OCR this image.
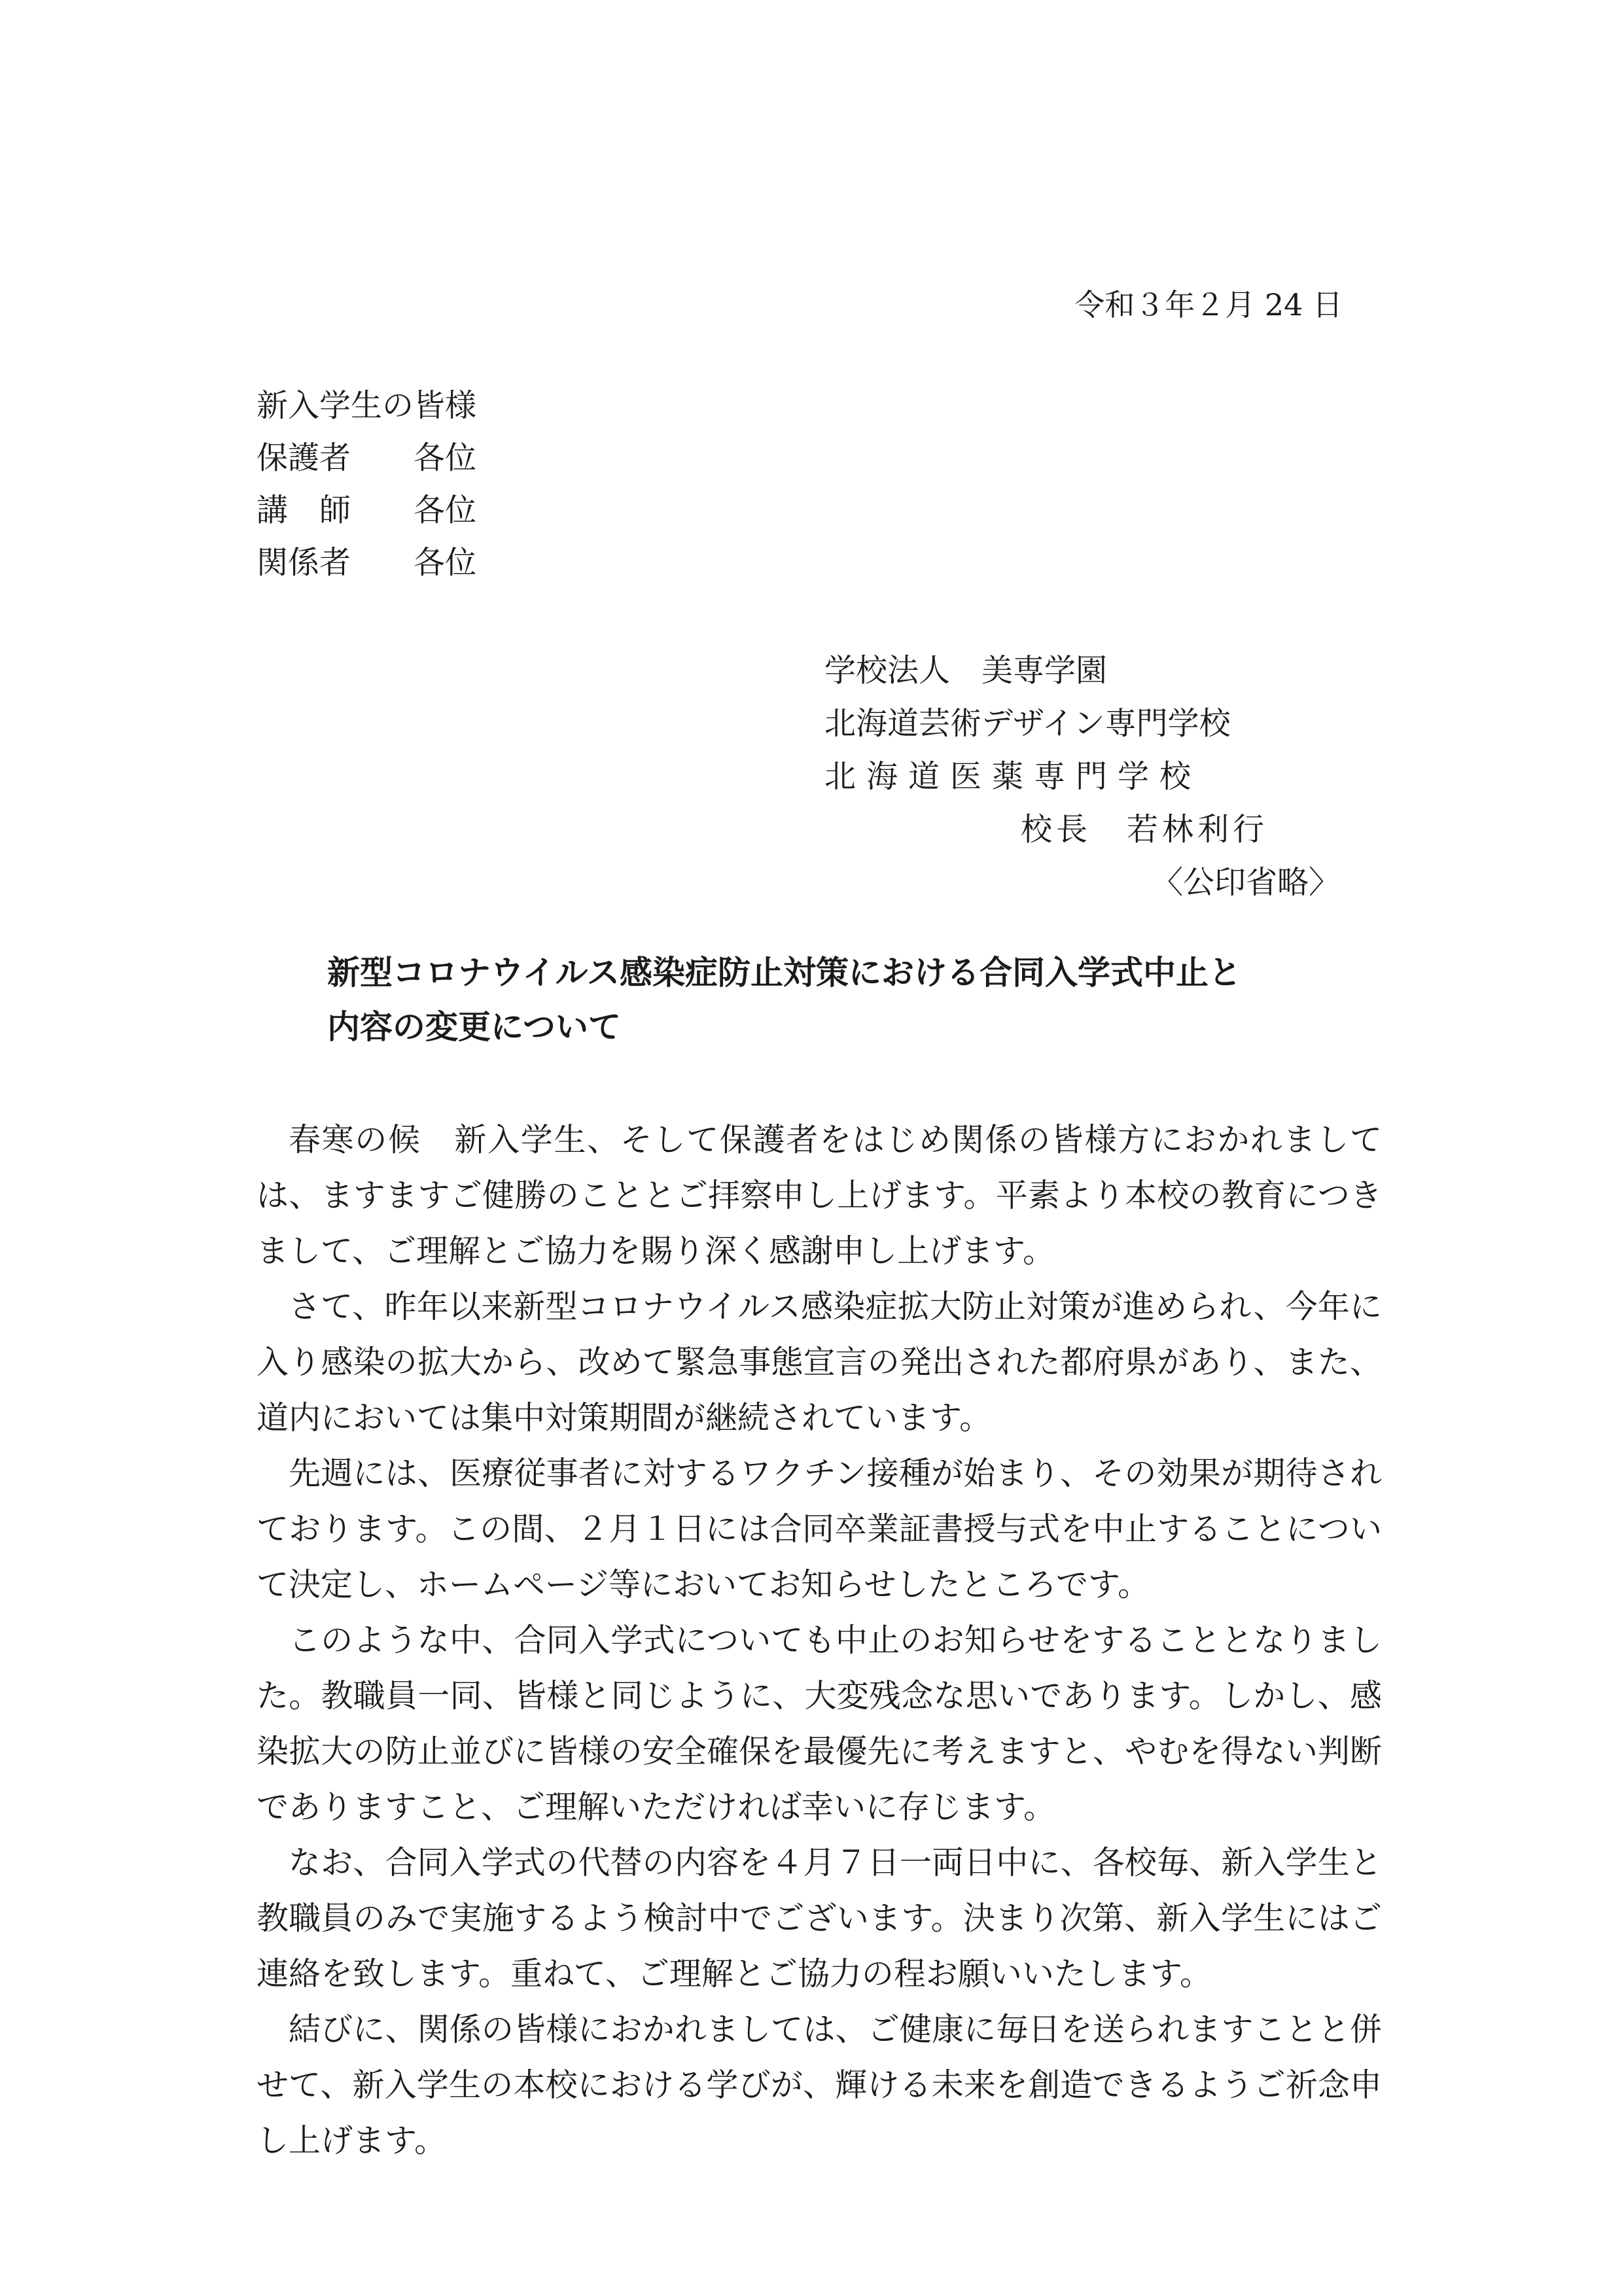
令和３年２月 24 日
新入学生の皆様
保護者　　各位
講　師　　各位
関係者　　各位
学校法人　美専学園
北海道芸術デザイン専門学校
北海道医薬専門学校
校長　若林利行
〈公印省略〉
新型コロナウイルス感染症防止対策における合同入学式中止と
内容の変更について

春寒の候　新入学生、そして保護者をはじめ関係の皆様方におかれましては、ますますご健勝のこととご拝察申し上げます。平素より本校の教育につきまして、ご理解とご協力を賜り深く感謝申し上げます。

さて、昨年以来新型コロナウイルス感染症拡大防止対策が進められ、今年に入り感染の拡大から、改めて緊急事態宣言の発出された都府県があり、また、道内においては集中対策期間が継続されています。

先週には、医療従事者に対するワクチン接種が始まり、その効果が期待されております。この間、２月１日には合同卒業証書授与式を中止することについて決定し、ホームページ等においてお知らせしたところです。

このような中、合同入学式についても中止のお知らせをすることとなりました。教職員一同、皆様と同じように、大変残念な思いであります。しかし、感染拡大の防止並びに皆様の安全確保を最優先に考えますと、やむを得ない判断でありますこと、ご理解いただければ幸いに存じます。

なお、合同入学式の代替の内容を４月７日一両日中に、各校毎、新入学生と教職員のみで実施するよう検討中でございます。決まり次第、新入学生にはご連絡を致します。重ねて、ご理解とご協力の程お願いいたします。

結びに、関係の皆様におかれましては、ご健康に毎日を送られますことと併せて、新入学生の本校における学びが、輝ける未来を創造できるようご祈念申し上げます。
